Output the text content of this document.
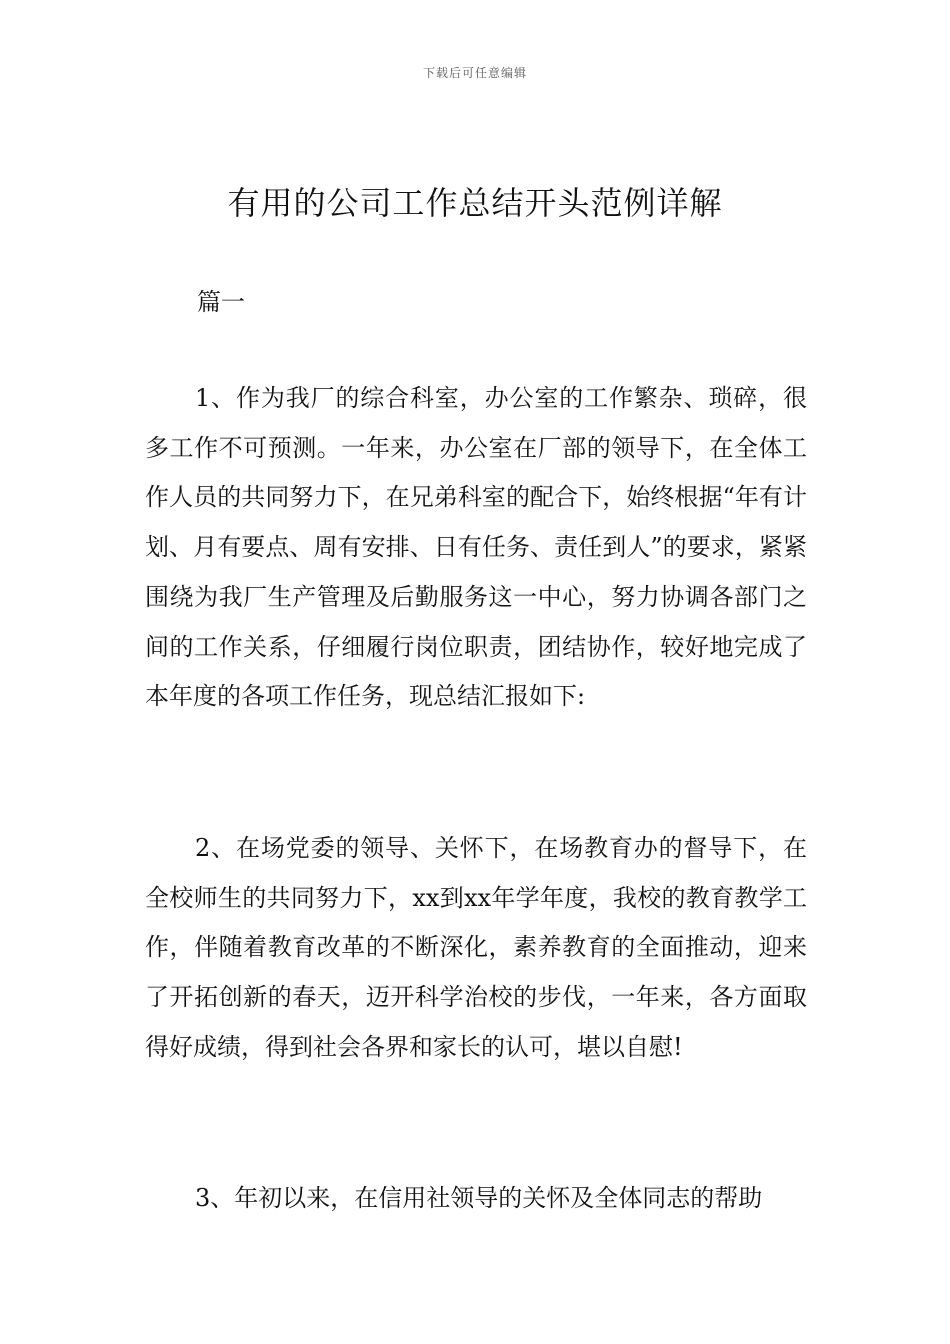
下载后可任意编辑
有用的公司工作总结开头范例详解
篇一

1、作为我厂的综合科室，办公室的工作繁杂、琐碎，很多工作不可预测。一年来，办公室在厂部的领导下，在全体工作人员的共同努力下，在兄弟科室的配合下，始终根据“年有计划、月有要点、周有安排、日有任务、责任到人”的要求，紧紧围绕为我厂生产管理及后勤服务这一中心，努力协调各部门之间的工作关系，仔细履行岗位职责，团结协作，较好地完成了本年度的各项工作任务，现总结汇报如下:

2、在场党委的领导、关怀下，在场教育办的督导下，在全校师生的共同努力下，xx到xx年学年度，我校的教育教学工作，伴随着教育改革的不断深化，素养教育的全面推动，迎来了开拓创新的春天，迈开科学治校的步伐，一年来，各方面取得好成绩，得到社会各界和家长的认可，堪以自慰!

3、年初以来，在信用社领导的关怀及全体同志的帮助
